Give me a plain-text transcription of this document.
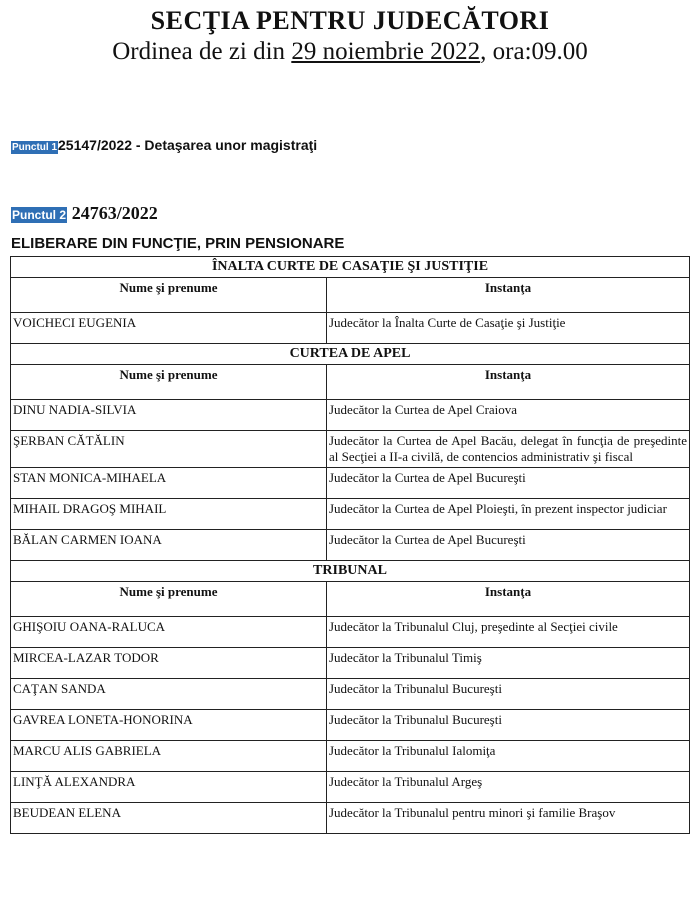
SECŢIA PENTRU JUDECĂTORI
Ordinea de zi din 29 noiembrie 2022, ora:09.00
Punctul 125147/2022 - Detaşarea unor magistraţi
Punctul 2 24763/2022
ELIBERARE DIN FUNCŢIE, PRIN PENSIONARE
ÎNALTA CURTE DE CASAŢIE ŞI JUSTIŢIE	
Nume şi prenume	Instanţa
VOICHECI EUGENIA	Judecător la Înalta Curte de Casaţie şi Justiţie
CURTEA DE APEL	
Nume şi prenume	Instanţa
DINU NADIA-SILVIA	Judecător la Curtea de Apel Craiova
ŞERBAN CĂTĂLIN	Judecător la Curtea de Apel Bacău, delegat în funcţia de preşedinte al Secţiei a II-a civilă, de contencios administrativ şi fiscal
STAN MONICA-MIHAELA	Judecător la Curtea de Apel Bucureşti
MIHAIL DRAGOŞ MIHAIL	Judecător la Curtea de Apel Ploieşti, în prezent inspector judiciar
BĂLAN CARMEN IOANA	Judecător la Curtea de Apel Bucureşti
TRIBUNAL	
Nume şi prenume	Instanţa
GHIŞOIU OANA-RALUCA	Judecător la Tribunalul Cluj, preşedinte al Secţiei civile
MIRCEA-LAZAR TODOR	Judecător la Tribunalul Timiş
CAŢAN SANDA	Judecător la Tribunalul Bucureşti
GAVREA LONETA-HONORINA	Judecător la Tribunalul Bucureşti
MARCU ALIS GABRIELA	Judecător la Tribunalul Ialomiţa
LINŢĂ ALEXANDRA	Judecător la Tribunalul Argeş
BEUDEAN ELENA	Judecător la Tribunalul pentru minori şi familie Braşov
